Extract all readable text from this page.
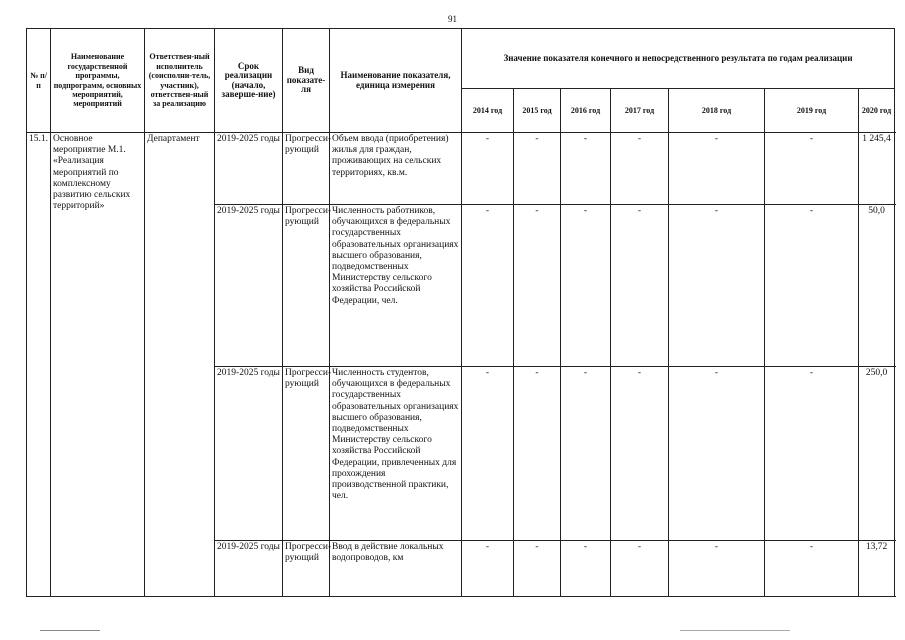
91
№ п/п	Наименование государственной программы, подпрограмм, основных мероприятий, мероприятий	Ответствен-ный исполнитель (соисполни-тель, участник), ответствен-ный за реализацию	Срок реализации (начало, заверше-ние)	Вид показате-ля	Наименование показателя, единица измерения	Значение показателя конечного и непосредственного результата по годам реализации						
						2014 год	2015 год	2016 год	2017 год	2018 год	2019 год	2020 год
15.1.	Основное мероприятие М.1. «Реализация мероприятий по комплексному развитию сельских территорий»	Департамент	2019-2025 годы	Прогресси-рующий	Объем ввода (приобретения) жилья для граждан, проживающих на сельских территориях, кв.м.	-	-	-	-	-	-	1 245,4
			2019-2025 годы	Прогресси-рующий	Численность работников, обучающихся в федеральных государственных образовательных организациях высшего образования, подведомственных Министерству сельского хозяйства Российской Федерации, чел.	-	-	-	-	-	-	50,0
			2019-2025 годы	Прогресси-рующий	Численность студентов, обучающихся в федеральных государственных образовательных организациях высшего образования, подведомственных Министерству сельского хозяйства Российской Федерации, привлеченных для прохождения производственной практики, чел.	-	-	-	-	-	-	250,0
			2019-2025 годы	Прогресси-рующий	Ввод в действие локальных водопроводов, км	-	-	-	-	-	-	13,72
